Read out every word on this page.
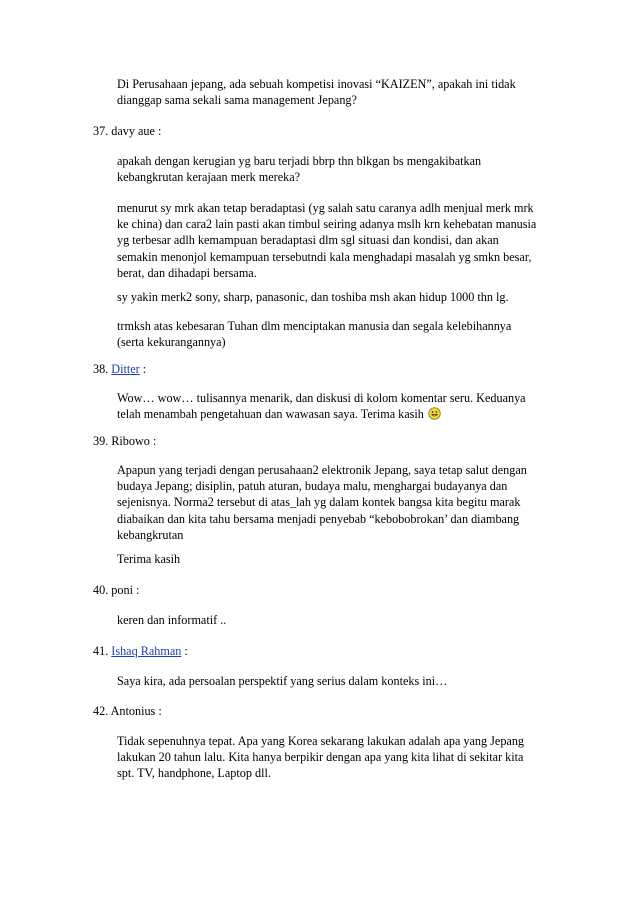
Di Perusahaan jepang, ada sebuah kompetisi inovasi “KAIZEN”, apakah ini tidak
dianggap sama sekali sama management Jepang?

37. davy aue :

apakah dengan kerugian yg baru terjadi bbrp thn blkgan bs mengakibatkan
kebangkrutan kerajaan merk mereka?

menurut sy mrk akan tetap beradaptasi (yg salah satu caranya adlh menjual merk mrk
ke china) dan cara2 lain pasti akan timbul seiring adanya mslh krn kehebatan manusia
yg terbesar adlh kemampuan beradaptasi dlm sgl situasi dan kondisi, dan akan
semakin menonjol kemampuan tersebutndi kala menghadapi masalah yg smkn besar,
berat, dan dihadapi bersama.

sy yakin merk2 sony, sharp, panasonic, dan toshiba msh akan hidup 1000 thn lg.

trmksh atas kebesaran Tuhan dlm menciptakan manusia dan segala kelebihannya
(serta kekurangannya)

38. Ditter :

Wow… wow… tulisannya menarik, dan diskusi di kolom komentar seru. Keduanya
telah menambah pengetahuan dan wawasan saya. Terima kasih

39. Ribowo :

Apapun yang terjadi dengan perusahaan2 elektronik Jepang, saya tetap salut dengan
budaya Jepang; disiplin, patuh aturan, budaya malu, menghargai budayanya dan
sejenisnya. Norma2 tersebut di atas_lah yg dalam kontek bangsa kita begitu marak
diabaikan dan kita tahu bersama menjadi penyebab “kebobobrokan’ dan diambang
kebangkrutan

Terima kasih

40. poni :

keren dan informatif ..

41. Ishaq Rahman :

Saya kira, ada persoalan perspektif yang serius dalam konteks ini…

42. Antonius :

Tidak sepenuhnya tepat. Apa yang Korea sekarang lakukan adalah apa yang Jepang
lakukan 20 tahun lalu. Kita hanya berpikir dengan apa yang kita lihat di sekitar kita
spt. TV, handphone, Laptop dll.
